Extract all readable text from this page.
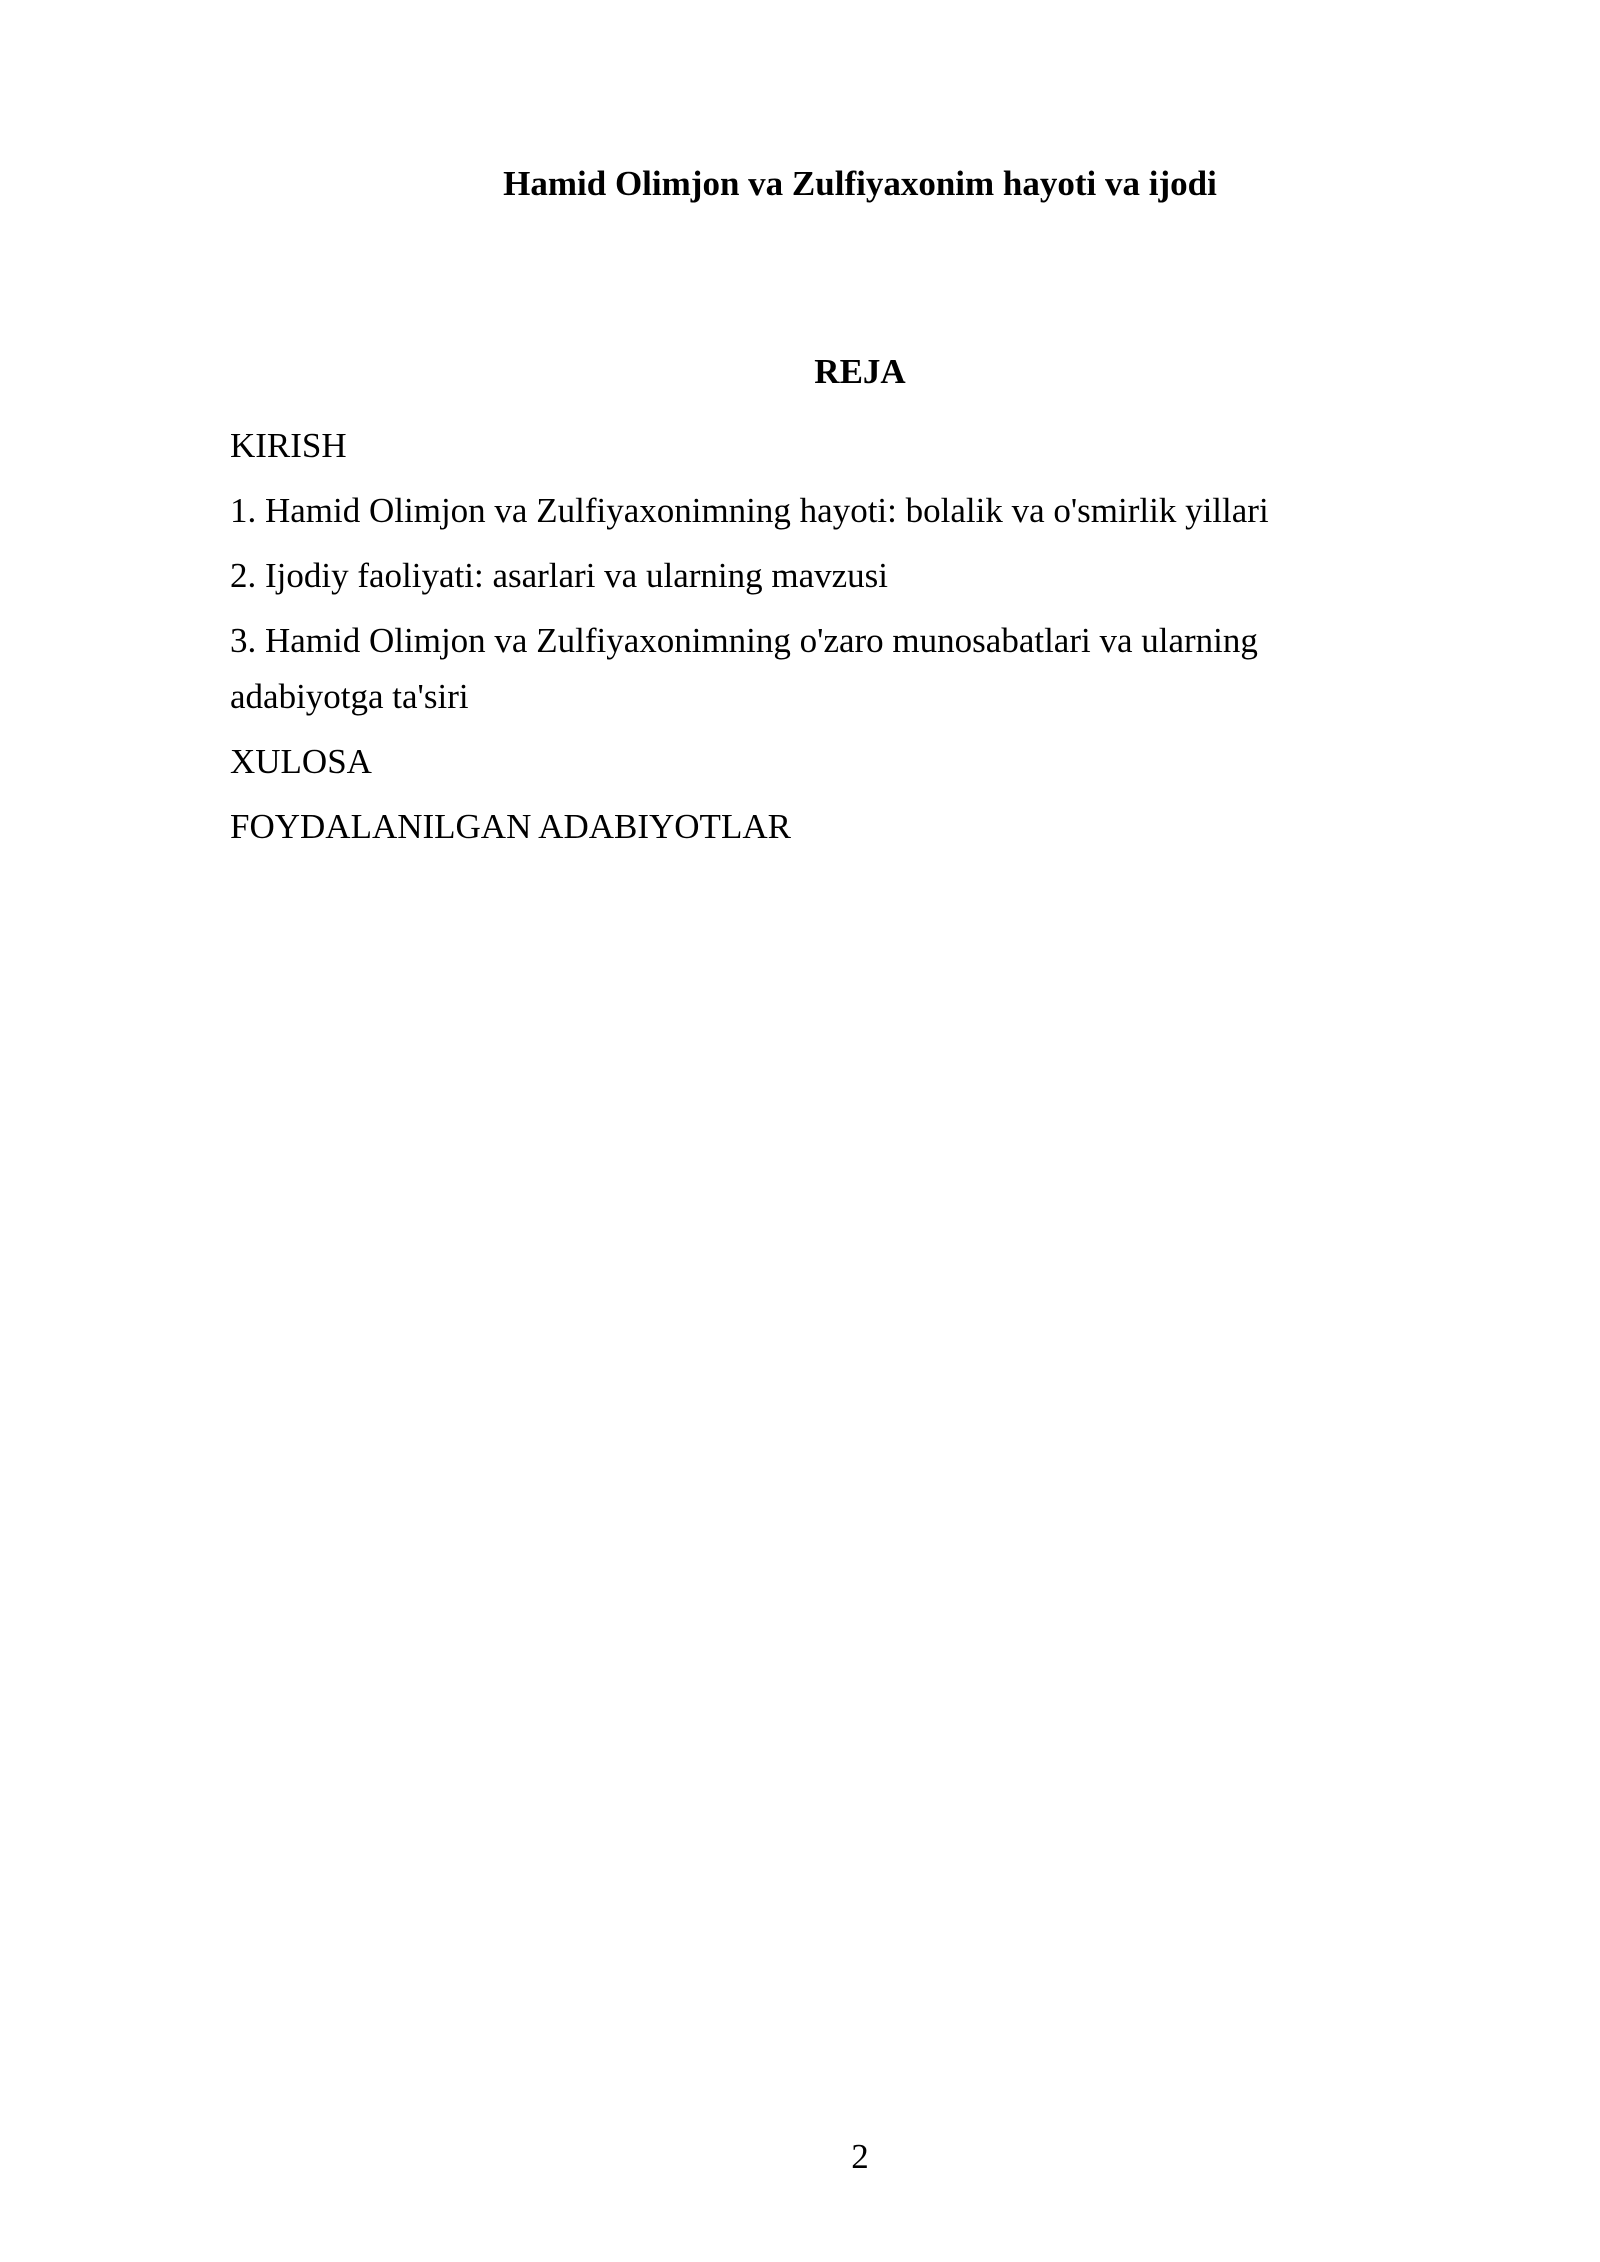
Hamid Olimjon va Zulfiyaxonim hayoti va ijodi
REJA
KIRISH
1. Hamid Olimjon va Zulfiyaxonimning hayoti: bolalik va o'smirlik yillari
2. Ijodiy faoliyati: asarlari va ularning mavzusi
3. Hamid Olimjon va Zulfiyaxonimning o'zaro munosabatlari va ularning adabiyotga ta'siri
XULOSA
FOYDALANILGAN ADABIYOTLAR
2
